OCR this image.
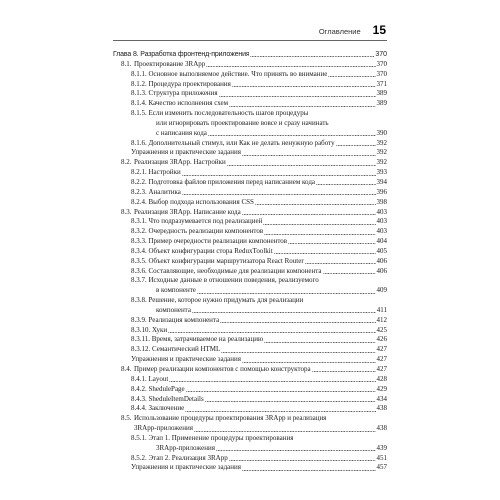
Оглавление 15
Глава 8. Разработка фронтенд-приложения	370
8.1. Проектирование 3RApp	370
8.1.1. Основное выполняемое действие. Что принять во внимание	370
8.1.2. Процедура проектирования	371
8.1.3. Структура приложения	389
8.1.4. Качество исполнения схем	389
8.1.5. Если изменить последовательность шагов процедуры
или игнорировать проектирование вовсе и сразу начинать
с написания кода	390
8.1.6. Дополнительный стимул, или Как не делать ненужную работу	392
Упражнения и практические задания	392
8.2. Реализация 3RApp. Настройки	392
8.2.1. Настройки	393
8.2.2. Подготовка файлов приложения перед написанием кода	394
8.2.3. Аналитика	396
8.2.4. Выбор подхода использования CSS	398
8.3. Реализация 3RApp. Написание кода	403
8.3.1. Что подразумевается под реализацией	403
8.3.2. Очередность реализации компонентов	403
8.3.3. Пример очередности реализации компонентов	404
8.3.4. Объект конфигурации стора ReduxToolkit	405
8.3.5. Объект конфигурации маршрутизатора React Router	406
8.3.6. Составляющие, необходимые для реализации компонента	406
8.3.7. Исходные данные в отношении поведения, реализуемого
в компоненте	409
8.3.8. Решение, которое нужно придумать для реализации
компонента	411
8.3.9. Реализация компонента	412
8.3.10. Хуки	425
8.3.11. Время, затрачиваемое на реализацию	426
8.3.12. Семантический HTML	427
Упражнения и практические задания	427
8.4. Пример реализации компонентов с помощью конструктора	427
8.4.1. Layout	428
8.4.2. ShedulePage	429
8.4.3. SheduleItemDetails	434
8.4.4. Заключение	438
8.5. Использование процедуры проектирования 3RApp и реализация
3RApp-приложения	438
8.5.1. Этап 1. Применение процедуры проектирования
3RApp-приложения	439
8.5.2. Этап 2. Реализация 3RApp	451
Упражнения и практические задания	457
